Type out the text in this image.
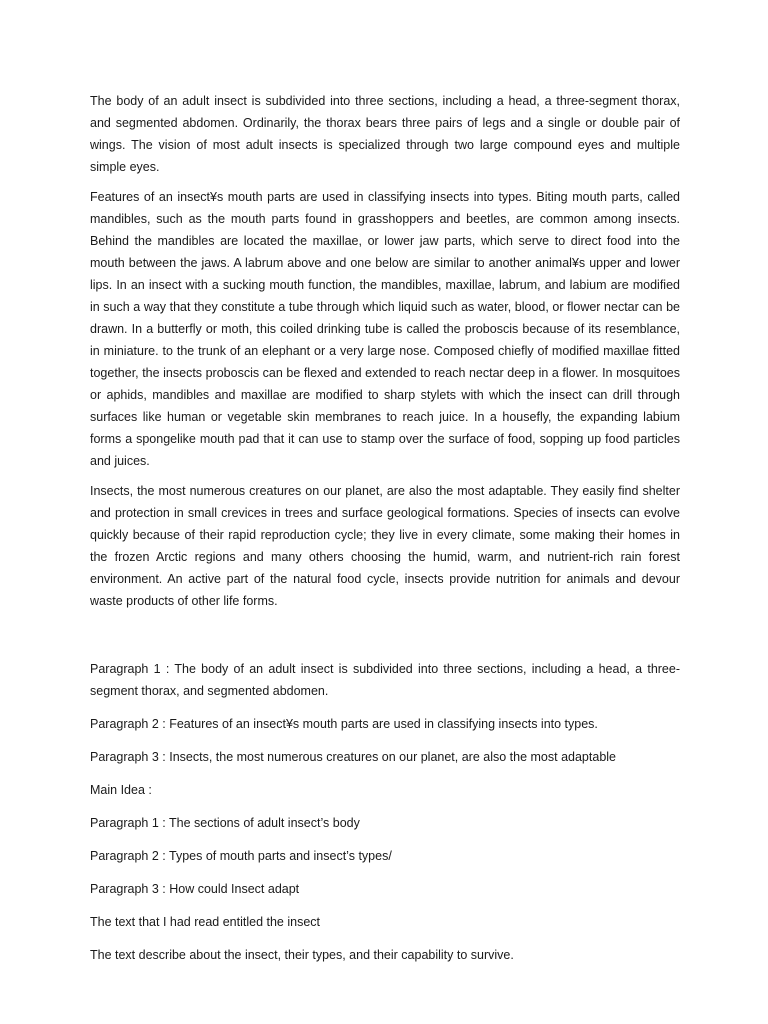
The body of an adult insect is subdivided into three sections, including a head, a three-segment thorax, and segmented abdomen. Ordinarily, the thorax bears three pairs of legs and a single or double pair of wings. The vision of most adult insects is specialized through two large compound eyes and multiple simple eyes.

Features of an insect¥s mouth parts are used in classifying insects into types. Biting mouth parts, called mandibles, such as the mouth parts found in grasshoppers and beetles, are common among insects. Behind the mandibles are located the maxillae, or lower jaw parts, which serve to direct food into the mouth between the jaws. A labrum above and one below are similar to another animal¥s upper and lower lips. In an insect with a sucking mouth function, the mandibles, maxillae, labrum, and labium are modified in such a way that they constitute a tube through which liquid such as water, blood, or flower nectar can be drawn. In a butterfly or moth, this coiled drinking tube is called the proboscis because of its resemblance, in miniature. to the trunk of an elephant or a very large nose. Composed chiefly of modified maxillae fitted together, the insects proboscis can be flexed and extended to reach nectar deep in a flower. In mosquitoes or aphids, mandibles and maxillae are modified to sharp stylets with which the insect can drill through surfaces like human or vegetable skin membranes to reach juice. In a housefly, the expanding labium forms a spongelike mouth pad that it can use to stamp over the surface of food, sopping up food particles and juices.

Insects, the most numerous creatures on our planet, are also the most adaptable. They easily find shelter and protection in small crevices in trees and surface geological formations. Species of insects can evolve quickly because of their rapid reproduction cycle; they live in every climate, some making their homes in the frozen Arctic regions and many others choosing the humid, warm, and nutrient-rich rain forest environment. An active part of the natural food cycle, insects provide nutrition for animals and devour waste products of other life forms.

Paragraph 1 : The body of an adult insect is subdivided into three sections, including a head, a three-segment thorax, and segmented abdomen.

Paragraph 2 : Features of an insect¥s mouth parts are used in classifying insects into types.

Paragraph 3 : Insects, the most numerous creatures on our planet, are also the most adaptable

Main Idea :

Paragraph 1 : The sections of adult insect’s body

Paragraph 2 : Types of mouth parts and insect’s types/

Paragraph 3 : How could Insect adapt

The text that I had read entitled the insect

The text describe about the insect, their types, and their capability to survive.
